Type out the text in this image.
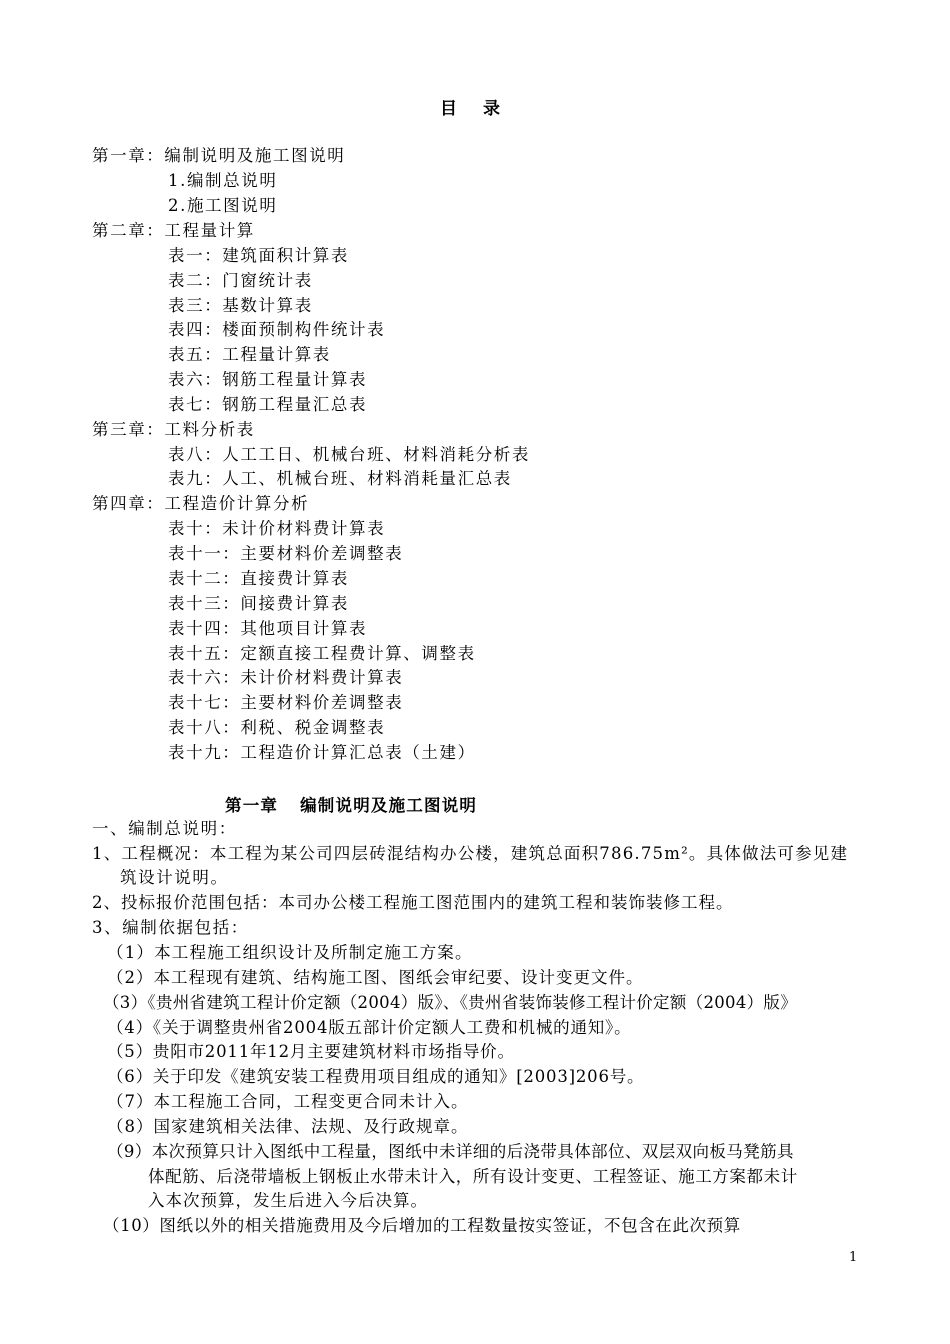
目 录
第一章：编制说明及施工图说明
1.编制总说明
2.施工图说明
第二章：工程量计算
表一：建筑面积计算表
表二：门窗统计表
表三：基数计算表
表四：楼面预制构件统计表
表五：工程量计算表
表六：钢筋工程量计算表
表七：钢筋工程量汇总表
第三章：工料分析表
表八：人工工日、机械台班、材料消耗分析表
表九：人工、机械台班、材料消耗量汇总表
第四章：工程造价计算分析
表十：未计价材料费计算表
表十一：主要材料价差调整表
表十二：直接费计算表
表十三：间接费计算表
表十四：其他项目计算表
表十五：定额直接工程费计算、调整表
表十六：未计价材料费计算表
表十七：主要材料价差调整表
表十八：利税、税金调整表
表十九：工程造价计算汇总表（土建）
第一章 编制说明及施工图说明
一、编制总说明：
1、工程概况：本工程为某公司四层砖混结构办公楼，建筑总面积786.75m²。具体做法可参见建
筑设计说明。
2、投标报价范围包括：本司办公楼工程施工图范围内的建筑工程和装饰装修工程。
3、编制依据包括：
（1）本工程施工组织设计及所制定施工方案。
（2）本工程现有建筑、结构施工图、图纸会审纪要、设计变更文件。
（3）《贵州省建筑工程计价定额（2004）版》、《贵州省装饰装修工程计价定额（2004）版》
（4）《关于调整贵州省2004版五部计价定额人工费和机械的通知》。
（5）贵阳市2011年12月主要建筑材料市场指导价。
（6）关于印发《建筑安装工程费用项目组成的通知》[2003]206号。
（7）本工程施工合同，工程变更合同未计入。
（8）国家建筑相关法律、法规、及行政规章。
（9）本次预算只计入图纸中工程量，图纸中未详细的后浇带具体部位、双层双向板马凳筋具
体配筋、后浇带墙板上钢板止水带未计入，所有设计变更、工程签证、施工方案都未计
入本次预算，发生后进入今后决算。
（10）图纸以外的相关措施费用及今后增加的工程数量按实签证，不包含在此次预算
1
